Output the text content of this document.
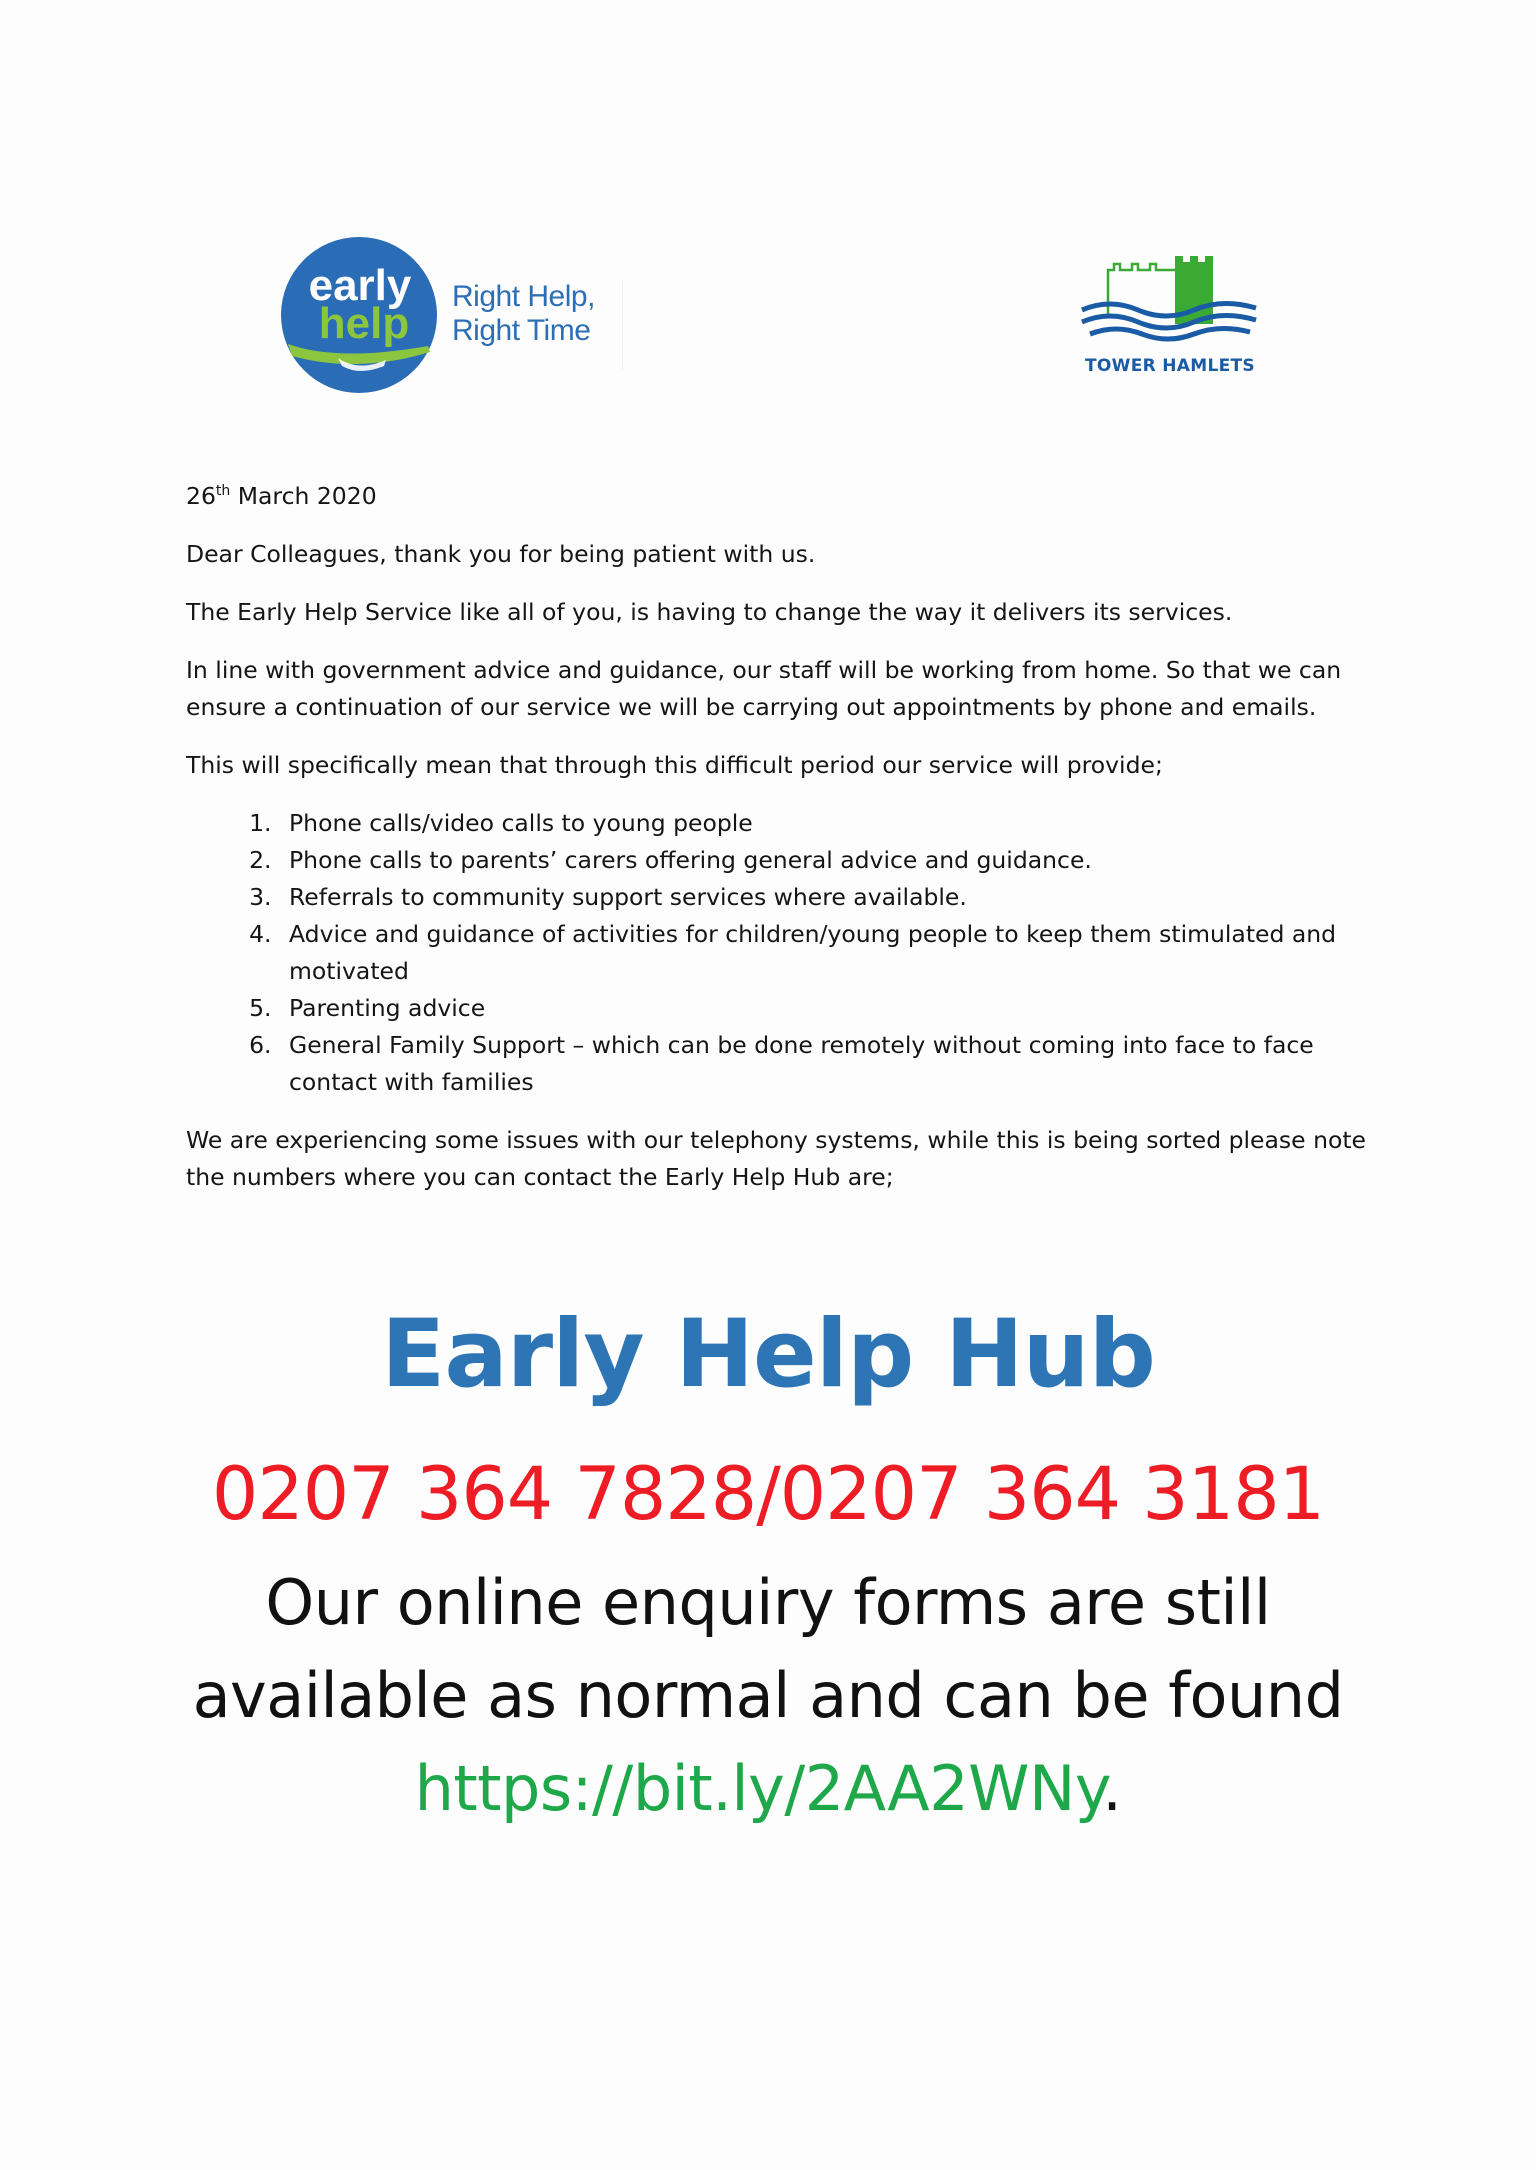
early
help
Right Help,
Right Time
TOWER HAMLETS

26th March 2020

Dear Colleagues, thank you for being patient with us.

The Early Help Service like all of you, is having to change the way it delivers its services.

In line with government advice and guidance, our staff will be working from home. So that we can ensure a continuation of our service we will be carrying out appointments by phone and emails.

This will specifically mean that through this difficult period our service will provide;

1. Phone calls/video calls to young people
2. Phone calls to parents’ carers offering general advice and guidance.
3. Referrals to community support services where available.
4. Advice and guidance of activities for children/young people to keep them stimulated and motivated
5. Parenting advice
6. General Family Support – which can be done remotely without coming into face to face contact with families

We are experiencing some issues with our telephony systems, while this is being sorted please note the numbers where you can contact the Early Help Hub are;

Early Help Hub
0207 364 7828/0207 364 3181
Our online enquiry forms are still
available as normal and can be found
https://bit.ly/2AA2WNy.
